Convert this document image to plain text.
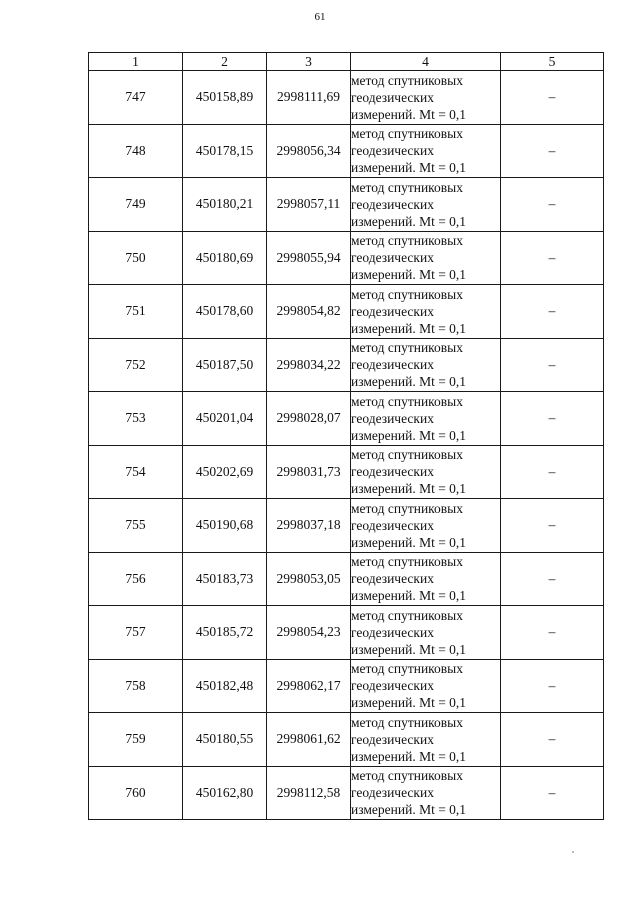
61
1	2	3	4	5
747	450158,89	2998111,69	метод спутниковых
геодезических
измерений. Mt = 0,1	–
748	450178,15	2998056,34	метод спутниковых
геодезических
измерений. Mt = 0,1	–
749	450180,21	2998057,11	метод спутниковых
геодезических
измерений. Mt = 0,1	–
750	450180,69	2998055,94	метод спутниковых
геодезических
измерений. Mt = 0,1	–
751	450178,60	2998054,82	метод спутниковых
геодезических
измерений. Mt = 0,1	–
752	450187,50	2998034,22	метод спутниковых
геодезических
измерений. Mt = 0,1	–
753	450201,04	2998028,07	метод спутниковых
геодезических
измерений. Mt = 0,1	–
754	450202,69	2998031,73	метод спутниковых
геодезических
измерений. Mt = 0,1	–
755	450190,68	2998037,18	метод спутниковых
геодезических
измерений. Mt = 0,1	–
756	450183,73	2998053,05	метод спутниковых
геодезических
измерений. Mt = 0,1	–
757	450185,72	2998054,23	метод спутниковых
геодезических
измерений. Mt = 0,1	–
758	450182,48	2998062,17	метод спутниковых
геодезических
измерений. Mt = 0,1	–
759	450180,55	2998061,62	метод спутниковых
геодезических
измерений. Mt = 0,1	–
760	450162,80	2998112,58	метод спутниковых
геодезических
измерений. Mt = 0,1	–
